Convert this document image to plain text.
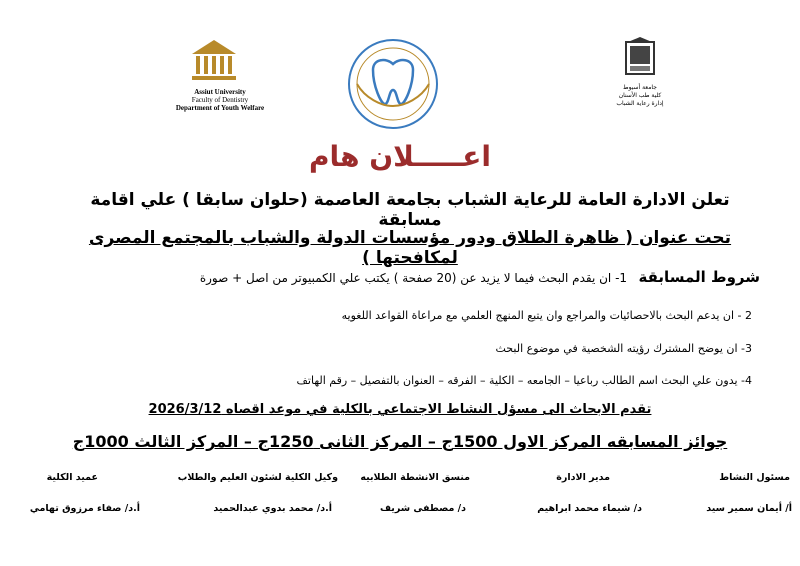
Assiut University
Faculty of Dentistry
Department of Youth Welfare
جامعة أسيوط
كلية طب الأسنان
إدارة رعاية الشباب
اعـــــلان هام
تعلن الادارة العامة للرعاية الشباب بجامعة العاصمة (حلوان سابقا ) علي اقامة مسابقة
تحت عنوان ( ظاهرة الطلاق ودور مؤسسات الدولة والشباب بالمجتمع المصرى لمكافحتها )
شروط المسابقة   1- ان يقدم البحث فيما لا يزيد عن (20 صفحة ) يكتب علي الكمبيوتر من اصل + صورة
2 - ان يدعم البحث بالاحصائيات والمراجع وان يتبع المنهج العلمي مع مراعاة القواعد اللغويه
3- ان يوضح المشترك رؤيته الشخصية في موضوع البحث
4- يدون علي البحث اسم الطالب رباعيا – الجامعه – الكلية – الفرقه – العنوان بالتفصيل – رقم الهاتف
تقدم الابحاث الى مسؤل النشاط الاجتماعي بالكلية في موعد اقصاه 2026/3/12
جوائز المسابقه المركز الاول 1500ج – المركز الثانى 1250ج – المركز الثالث 1000ج
مسئول النشاط
مدير الادارة
منسق الانشطة الطلابيه
وكيل الكلية لشئون العليم والطلاب
عميد الكلية
أ/ أيمان سمير سيد
د/ شيماء محمد ابراهيم
د/ مصطفى شريف
أ.د/ محمد بدوي عبدالحميد
أ.د/ صفاء مرزوق تهامي
